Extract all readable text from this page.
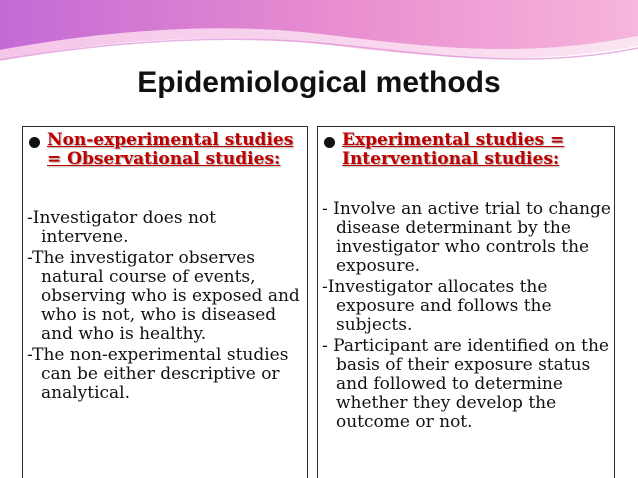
Epidemiological methods
Non-experimental studies = Observational studies:

-Investigator does not intervene.

-The investigator observes natural course of events, observing who is exposed and who is not, who is diseased and who is healthy.

-The non-experimental studies can be either descriptive or analytical.

Experimental studies = Interventional studies:

- Involve an active trial to change disease determinant by the investigator who controls the exposure.

-Investigator allocates the exposure and follows the subjects.

- Participant are identified on the basis of their exposure status and followed to determine whether they develop the outcome or not.
